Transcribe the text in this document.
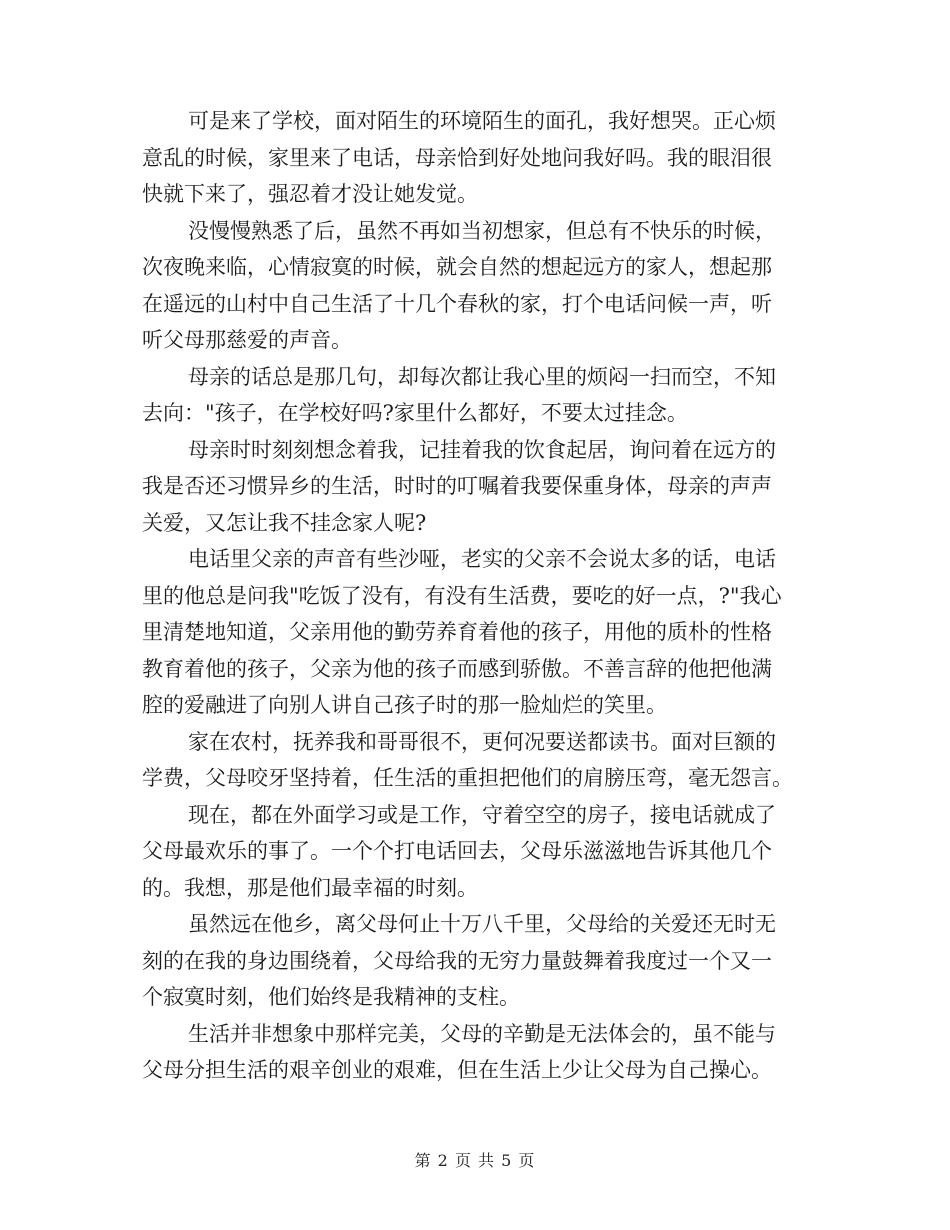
可是来了学校，面对陌生的环境陌生的面孔，我好想哭。正心烦
意乱的时候，家里来了电话，母亲恰到好处地问我好吗。我的眼泪很
快就下来了，强忍着才没让她发觉。

没慢慢熟悉了后，虽然不再如当初想家，但总有不快乐的时候，
次夜晚来临，心情寂寞的时候，就会自然的想起远方的家人，想起那
在遥远的山村中自己生活了十几个春秋的家，打个电话问候一声，听
听父母那慈爱的声音。

母亲的话总是那几句，却每次都让我心里的烦闷一扫而空，不知
去向："孩子，在学校好吗?家里什么都好，不要太过挂念。

母亲时时刻刻想念着我，记挂着我的饮食起居，询问着在远方的
我是否还习惯异乡的生活，时时的叮嘱着我要保重身体，母亲的声声
关爱，又怎让我不挂念家人呢?

电话里父亲的声音有些沙哑，老实的父亲不会说太多的话，电话
里的他总是问我"吃饭了没有，有没有生活费，要吃的好一点，?"我心
里清楚地知道，父亲用他的勤劳养育着他的孩子，用他的质朴的性格
教育着他的孩子，父亲为他的孩子而感到骄傲。不善言辞的他把他满
腔的爱融进了向别人讲自己孩子时的那一脸灿烂的笑里。

家在农村，抚养我和哥哥很不，更何况要送都读书。面对巨额的
学费，父母咬牙坚持着，任生活的重担把他们的肩膀压弯，毫无怨言。

现在，都在外面学习或是工作，守着空空的房子，接电话就成了
父母最欢乐的事了。一个个打电话回去，父母乐滋滋地告诉其他几个
的。我想，那是他们最幸福的时刻。

虽然远在他乡，离父母何止十万八千里，父母给的关爱还无时无
刻的在我的身边围绕着，父母给我的无穷力量鼓舞着我度过一个又一
个寂寞时刻，他们始终是我精神的支柱。

生活并非想象中那样完美，父母的辛勤是无法体会的，虽不能与
父母分担生活的艰辛创业的艰难，但在生活上少让父母为自己操心。

第 2 页 共 5 页
